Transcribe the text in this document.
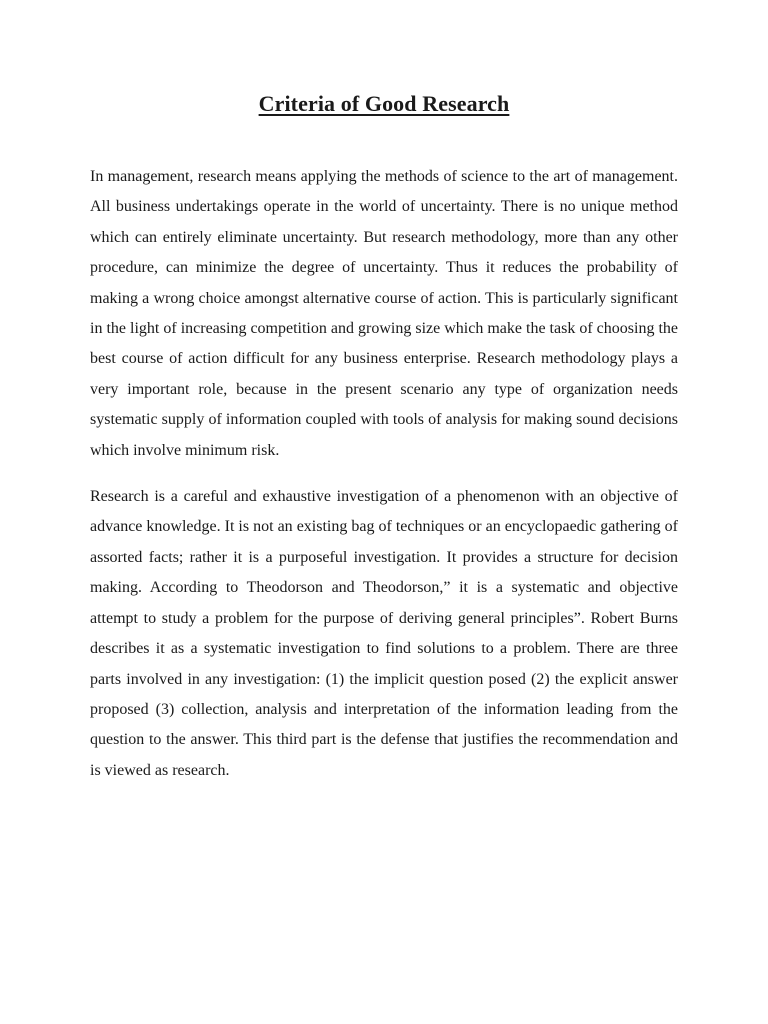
Criteria of Good Research

In management, research means applying the methods of science to the art of management. All business undertakings operate in the world of uncertainty. There is no unique method which can entirely eliminate uncertainty. But research methodology, more than any other procedure, can minimize the degree of uncertainty. Thus it reduces the probability of making a wrong choice amongst alternative course of action. This is particularly significant in the light of increasing competition and growing size which make the task of choosing the best course of action difficult for any business enterprise. Research methodology plays a very important role, because in the present scenario any type of organization needs systematic supply of information coupled with tools of analysis for making sound decisions which involve minimum risk.

Research is a careful and exhaustive investigation of a phenomenon with an objective of advance knowledge. It is not an existing bag of techniques or an encyclopaedic gathering of assorted facts; rather it is a purposeful investigation. It provides a structure for decision making. According to Theodorson and Theodorson,” it is a systematic and objective attempt to study a problem for the purpose of deriving general principles”. Robert Burns describes it as a systematic investigation to find solutions to a problem. There are three parts involved in any investigation: (1) the implicit question posed (2) the explicit answer proposed (3) collection, analysis and interpretation of the information leading from the question to the answer. This third part is the defense that justifies the recommendation and is viewed as research.
